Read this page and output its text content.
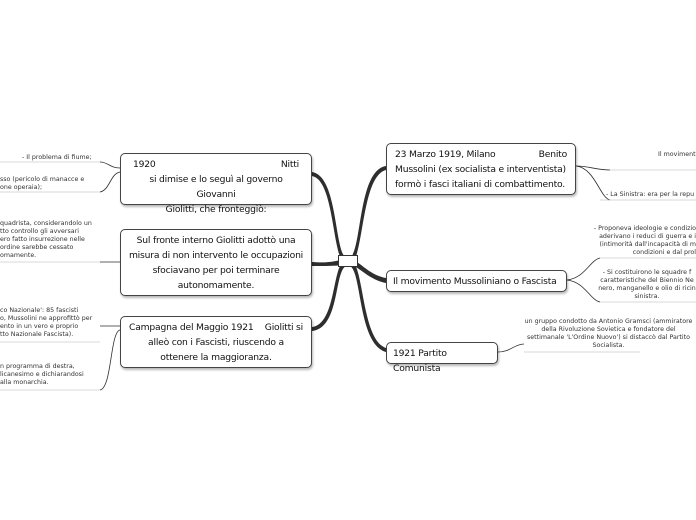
23 Marzo 1919, Milano	Benito
Mussolini (ex socialista e interventista)
formò i fasci italiani di combattimento.
Il movimento Mussoliniano o Fascista
1921 Partito Comunista
1920	Nitti
si dimise e lo seguì al governo Giovanni
Giolitti, che fronteggiò:
Sul fronte interno Giolitti adottò una
misura di non intervento le occupazioni
sfociavano per poi terminare
autonomamente.
Campagna del Maggio 1921 Giolitti si
alleò con i Fascisti, riuscendo a
ottenere la maggioranza.
Il moviment
- La Sinistra: era per la repu
- Proponeva ideologie e condizio
aderivano i reduci di guerra e i
(intimorità dall'incapacità di m
condizioni e dal prol
- Si costituirono le squadre f
caratteristiche del Biennio Ne
nero, manganello e olio di ricin
sinistra.
un gruppo condotto da Antonio Gramsci (ammiratore
della Rivoluzione Sovietica e fondatore del
settimanale 'L'Ordine Nuovo') si distaccò dal Partito
Socialista.
- Il problema di fiume;
sso (pericolo di manacce e
one operaia);
quadrista, considerandolo un
tto controllo gli avversari
ero fatto insurrezione nelle
ordine sarebbe cessato
omamente.
co Nazionale': 85 fascisti
o, Mussolini ne approfittò per
ento in un vero e proprio
tto Nazionale Fascista).
n programma di destra,
licanesimo e dichiarandosi
alla monarchia.
